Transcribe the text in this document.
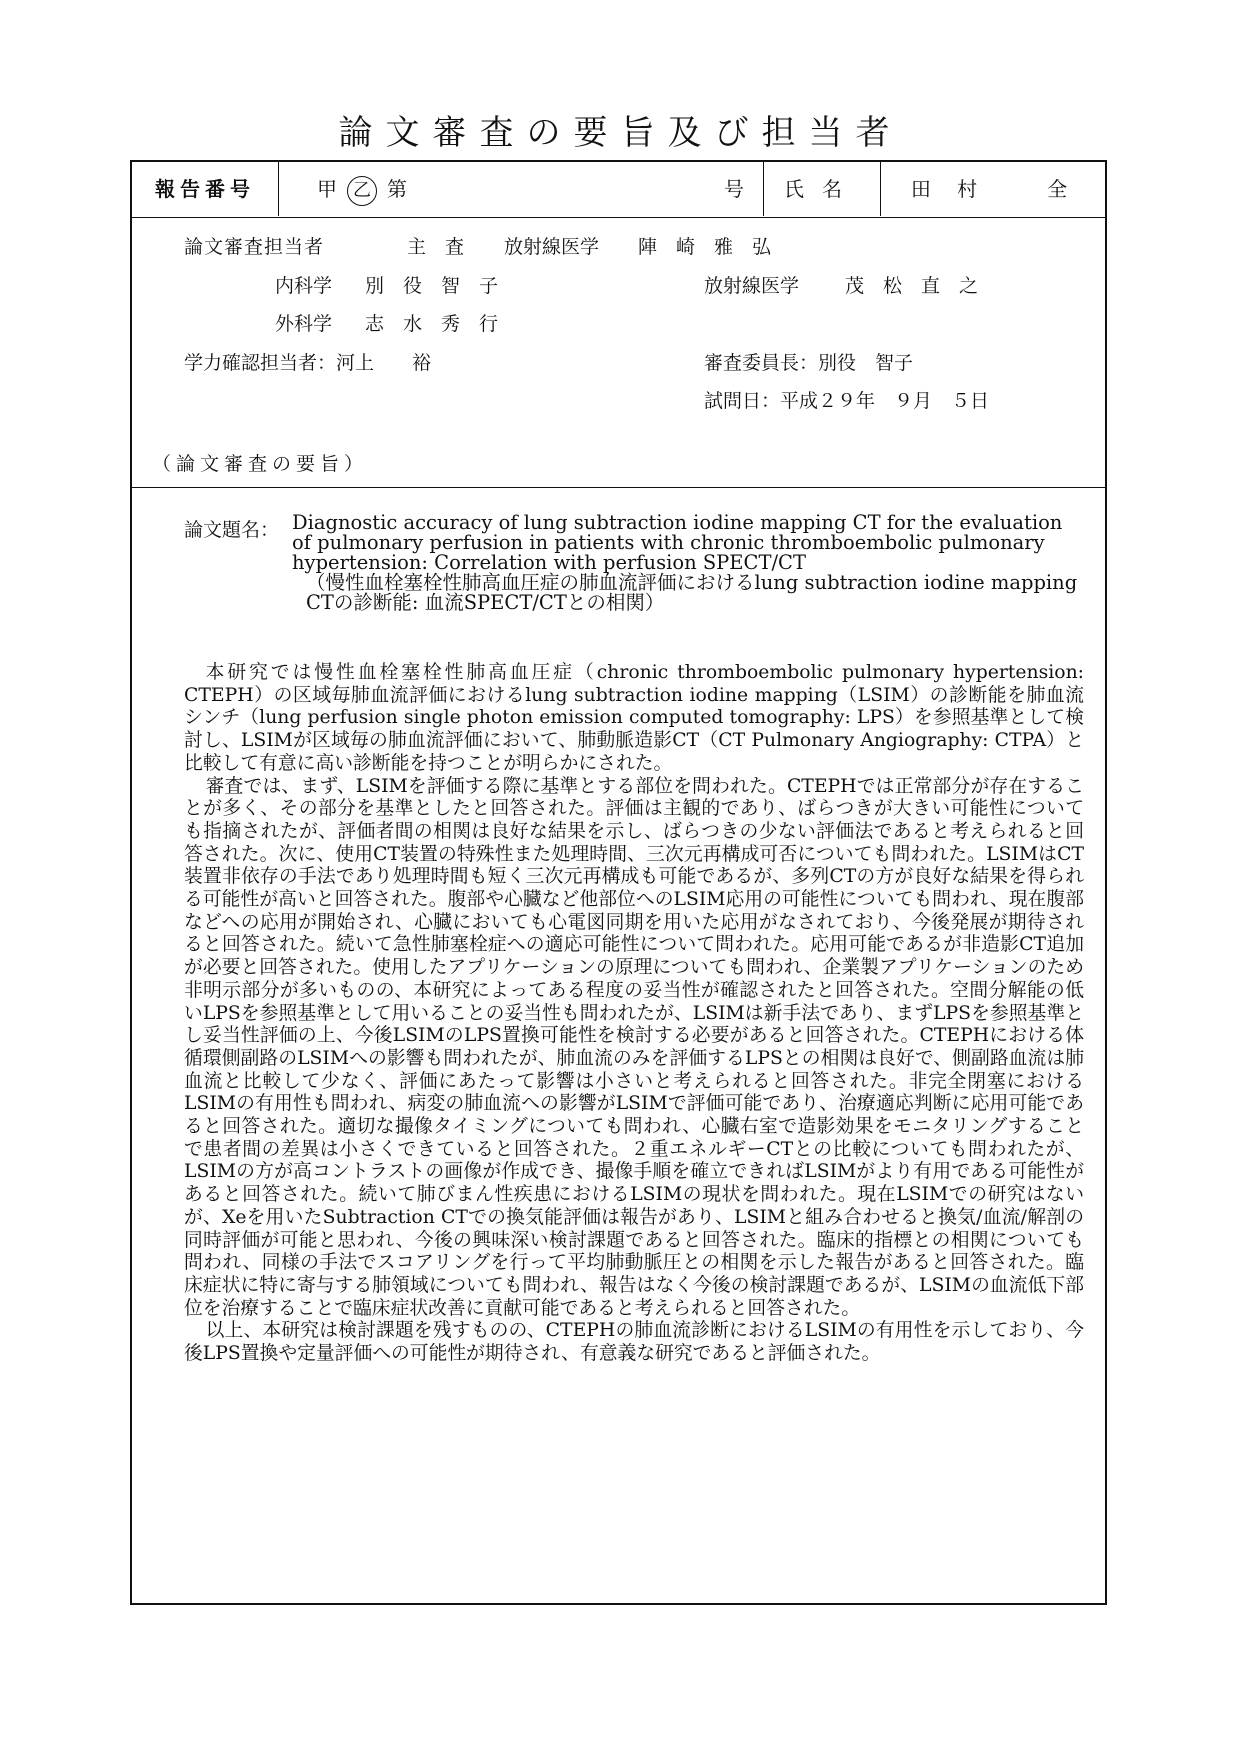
論文審査の要旨及び担当者
報告番号	甲 乙 第	号	氏名	田 村　　全
論文審査担当者	主　査 放射線医学 陣　崎　雅　弘
内科学 別　役　智　子	放射線医学 茂　松　直　之
外科学 志　水　秀　行
学力確認担当者：河上　　裕	審査委員長：別役　智子
試問日：平成２９年　９月　５日
（論文審査の要旨）
論文題名： Diagnostic accuracy of lung subtraction iodine mapping CT for the evaluation of pulmonary perfusion in patients with chronic thromboembolic pulmonary hypertension: Correlation with perfusion SPECT/CT
（慢性血栓塞栓性肺高血圧症の肺血流評価におけるlung subtraction iodine mapping CTの診断能: 血流SPECT/CTとの相関）

本研究では慢性血栓塞栓性肺高血圧症（chronic thromboembolic pulmonary hypertension: CTEPH）の区域毎肺血流評価におけるlung subtraction iodine mapping（LSIM）の診断能を肺血流シンチ（lung perfusion single photon emission computed tomography: LPS）を参照基準として検討し、LSIMが区域毎の肺血流評価において、肺動脈造影CT（CT Pulmonary Angiography: CTPA）と比較して有意に高い診断能を持つことが明らかにされた。

審査では、まず、LSIMを評価する際に基準とする部位を問われた。CTEPHでは正常部分が存在することが多く、その部分を基準としたと回答された。評価は主観的であり、ばらつきが大きい可能性についても指摘されたが、評価者間の相関は良好な結果を示し、ばらつきの少ない評価法であると考えられると回答された。次に、使用CT装置の特殊性また処理時間、三次元再構成可否についても問われた。LSIMはCT装置非依存の手法であり処理時間も短く三次元再構成も可能であるが、多列CTの方が良好な結果を得られる可能性が高いと回答された。腹部や心臓など他部位へのLSIM応用の可能性についても問われ、現在腹部などへの応用が開始され、心臓においても心電図同期を用いた応用がなされており、今後発展が期待されると回答された。続いて急性肺塞栓症への適応可能性について問われた。応用可能であるが非造影CT追加が必要と回答された。使用したアプリケーションの原理についても問われ、企業製アプリケーションのため非明示部分が多いものの、本研究によってある程度の妥当性が確認されたと回答された。空間分解能の低いLPSを参照基準として用いることの妥当性も問われたが、LSIMは新手法であり、まずLPSを参照基準とし妥当性評価の上、今後LSIMのLPS置換可能性を検討する必要があると回答された。CTEPHにおける体循環側副路のLSIMへの影響も問われたが、肺血流のみを評価するLPSとの相関は良好で、側副路血流は肺血流と比較して少なく、評価にあたって影響は小さいと考えられると回答された。非完全閉塞におけるLSIMの有用性も問われ、病変の肺血流への影響がLSIMで評価可能であり、治療適応判断に応用可能であると回答された。適切な撮像タイミングについても問われ、心臓右室で造影効果をモニタリングすることで患者間の差異は小さくできていると回答された。２重エネルギーCTとの比較についても問われたが、LSIMの方が高コントラストの画像が作成でき、撮像手順を確立できればLSIMがより有用である可能性があると回答された。続いて肺びまん性疾患におけるLSIMの現状を問われた。現在LSIMでの研究はないが、Xeを用いたSubtraction CTでの換気能評価は報告があり、LSIMと組み合わせると換気/血流/解剖の同時評価が可能と思われ、今後の興味深い検討課題であると回答された。臨床的指標との相関についても問われ、同様の手法でスコアリングを行って平均肺動脈圧との相関を示した報告があると回答された。臨床症状に特に寄与する肺領域についても問われ、報告はなく今後の検討課題であるが、LSIMの血流低下部位を治療することで臨床症状改善に貢献可能であると考えられると回答された。

以上、本研究は検討課題を残すものの、CTEPHの肺血流診断におけるLSIMの有用性を示しており、今後LPS置換や定量評価への可能性が期待され、有意義な研究であると評価された。
